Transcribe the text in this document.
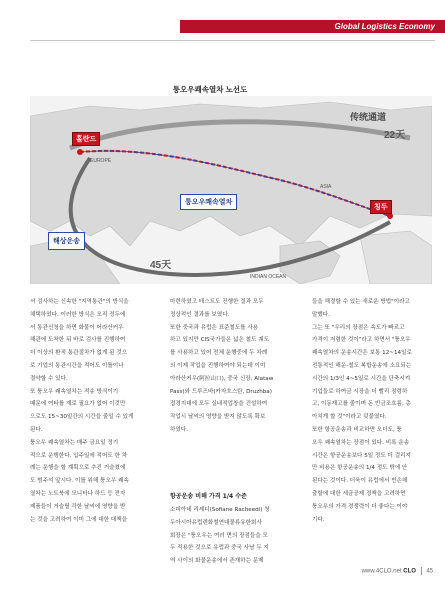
Global Logistics Economy
퉁오우쾌속열차 노선도
传统通道
22天
45天
EUROPE
ASIA
INDIAN OCEAN
홀란드
퉁오우쾌속열차
칭두
해상운송
서 검사하는 신속한 "지역통관"의 방식을
채택하였다. 이러한 방식은 오직 정두에
서 통관신청을 하면 화물이 어라산커우
해관에 도착한 뒤 바로 검사를 진행하여
더 이상의 환적 통관절차가 없게 된 것으
로 기업의 통관시간을 적어도 이틀이나
절약할 수 있다.
또 퉁오우 쾌속열차는 적송 방식이기
때문에 여타를 재로 필요가 없어 이것만
으로도 15~30일간의 시간을 줄일 수 있게
된다.
퉁오우 쾌속열차는 매주 금요일 정기
적으로 운행한다. 입주일에 적어도 한 차
례는 운행을 할 계획으로 추진 거슬쳤에
도 범주석 앞시다. 이를 위해 퉁오우 쾌속
열차는 노트북에 모니터나 하드 등 전자
제품들이 거슬릴 각한 날씨에 영향을 받
는 것을 고려하여 이미 그에 대한 대책을
마련하였고 테스트도 진행한 결과 모두
정상적인 결과를 보였다.
또한 중국과 유럽은 표준철도를 사용
하고 있지만 CIS국가들은 넓은 철도 궤도
를 사용하고 있어 전체 운행중에 두 차례
의 이제 작업을 진행하여야 되는데 이미
아라산커우(阿拉山口), 중국 신장, Alataw
Pass)와 드루즈바(카자흐스탄, Druzhba)
접경지대에 모두 실내적업창을 건설하여
작업시 날씨의 영향을 받지 않도록 확보
하였다.
항공운송 비해 가격 1/4 수준
소피아네 리셰디(Sofiane Racheedi) 청
두아시아유럽렌화철연대물류유한회사
회장은 "퉁오우는 여러 면의 장점들을 모
두 적용한 것으로 유럽과 중국 사남 두 지
역 사이의 화물운송에서 존재하는 문제
들을 해결할 수 있는 새로운 방법"이라고
말했다.
그는 또 "우리의 장점은 속도가 빠르고
가격이 저렴한 것이"라고 하면서 "퉁오우
쾌속열차의 운송시간은 보통 12~14일로
전통적인 해운-철도 복합운송에 소요되는
시간의 1/3인 4~5일로 시간을 단축시켜
기업들로 하여금 시장을 더 빨리 점령하
고, 이동재고를 줄이며 돈 빈금조흐름, 총
아치게 할 것"이라고 덧붙였다.
또한 항공운송과 비교하면 오더도, 퉁
오우 쾌속열차는 장점이 있다. 비록 운송
시간은 항공운송보다 5일 정도 더 걸리지
만 비용은 항공운송의 1/4 정도 밖에 안
된다는 것이다. 더욱이 유럽에서 빈손해
출할에 대한 세금공제 정책을 고려하면
퉁오우의 가격 경쟁력이 더 좋다는 이야
기다.
www.4CLO.net CLO 45
